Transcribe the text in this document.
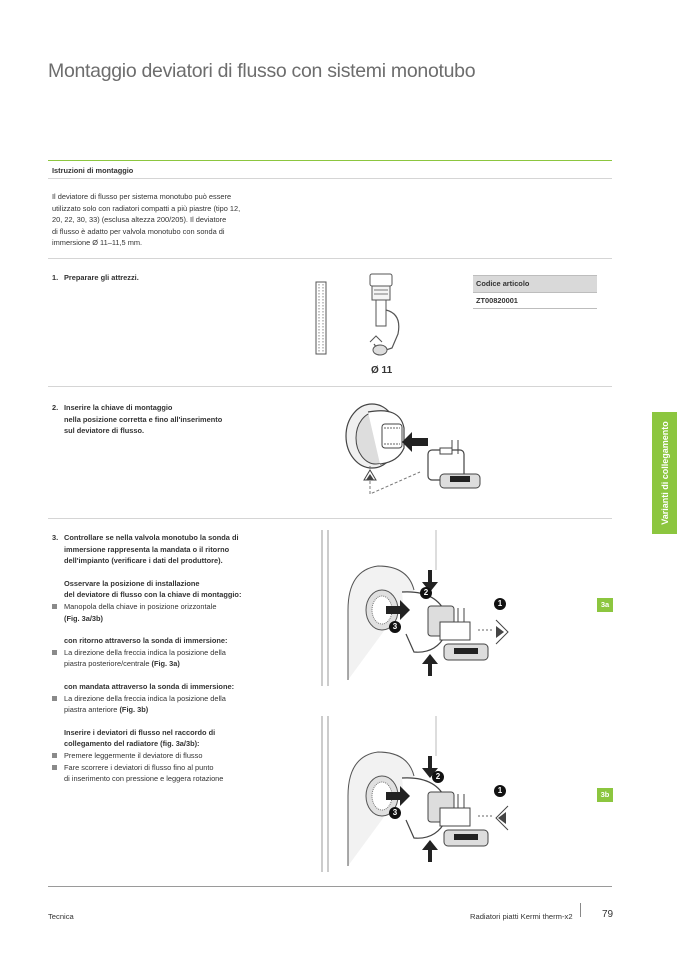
Montaggio deviatori di flusso con sistemi monotubo
Istruzioni di montaggio
Il deviatore di flusso per sistema monotubo può essere
utilizzato solo con radiatori compatti a più piastre (tipo 12,
20, 22, 30, 33) (esclusa altezza 200/205). Il deviatore
di flusso è adatto per valvola monotubo con sonda di
immersione Ø 11–11,5 mm.
1. Preparare gli attrezzi.
Ø 11
Codice articolo
ZT00820001
2. Inserire la chiave di montaggio
nella posizione corretta e fino all'inserimento
sul deviatore di flusso.
3. Controllare se nella valvola monotubo la sonda di
immersione rappresenta la mandata o il ritorno
dell'impianto (verificare i dati del produttore).
Osservare la posizione di installazione
del deviatore di flusso con la chiave di montaggio:
Manopola della chiave in posizione orizzontale
(Fig. 3a/3b)
con ritorno attraverso la sonda di immersione:
La direzione della freccia indica la posizione della
piastra posteriore/centrale (Fig. 3a)
con mandata attraverso la sonda di immersione:
La direzione della freccia indica la posizione della
piastra anteriore (Fig. 3b)
Inserire i deviatori di flusso nel raccordo di
collegamento del radiatore (fig. 3a/3b):
Premere leggermente il deviatore di flusso
Fare scorrere i deviatori di flusso fino al punto
di inserimento con pressione e leggera rotazione
2
3
1	3a
2
3
1	3b
Varianti di collegamento
Tecnica	Radiatori piatti Kermi therm-x2	79
